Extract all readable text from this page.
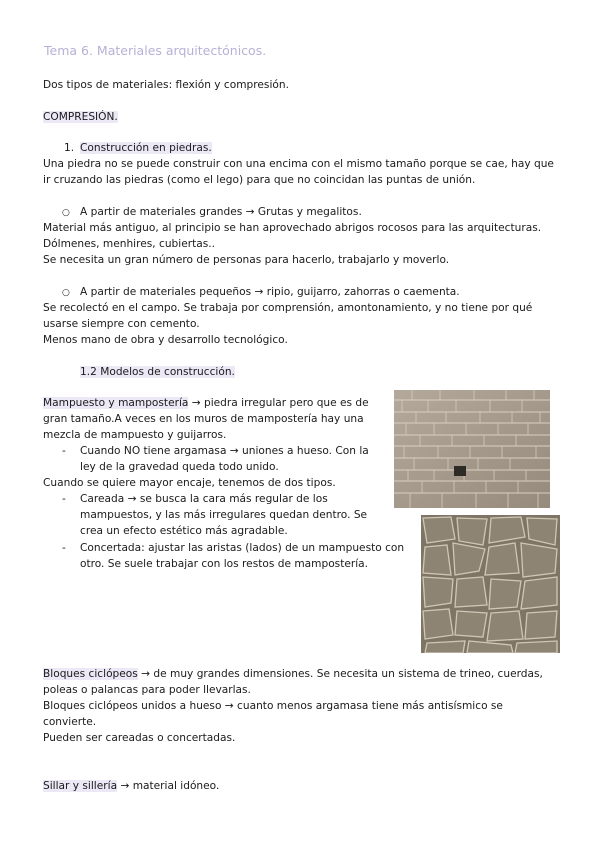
Tema 6. Materiales arquitectónicos.
Dos tipos de materiales: flexión y compresión.
COMPRESIÓN.
1. Construcción en piedras.
Una piedra no se puede construir con una encima con el mismo tamaño porque se cae, hay que
ir cruzando las piedras (como el lego) para que no coincidan las puntas de unión.
○ A partir de materiales grandes → Grutas y megalitos.
Material más antiguo, al principio se han aprovechado abrigos rocosos para las arquitecturas.
Dólmenes, menhires, cubiertas..
Se necesita un gran número de personas para hacerlo, trabajarlo y moverlo.
○ A partir de materiales pequeños → ripio, guijarro, zahorras o caementa.
Se recolectó en el campo. Se trabaja por comprensión, amontonamiento, y no tiene por qué
usarse siempre con cemento.
Menos mano de obra y desarrollo tecnológico.
1.2 Modelos de construcción.
Mampuesto y mampostería → piedra irregular pero que es de
gran tamaño.A veces en los muros de mampostería hay una
mezcla de mampuesto y guijarros.
- Cuando NO tiene argamasa → uniones a hueso. Con la
ley de la gravedad queda todo unido.
Cuando se quiere mayor encaje, tenemos de dos tipos.
- Careada → se busca la cara más regular de los
mampuestos, y las más irregulares quedan dentro. Se
crea un efecto estético más agradable.
- Concertada: ajustar las aristas (lados) de un mampuesto con
otro. Se suele trabajar con los restos de mampostería.
Bloques ciclópeos → de muy grandes dimensiones. Se necesita un sistema de trineo, cuerdas,
poleas o palancas para poder llevarlas.
Bloques ciclópeos unidos a hueso → cuanto menos argamasa tiene más antisísmico se
convierte.
Pueden ser careadas o concertadas.
Sillar y sillería → material idóneo.
